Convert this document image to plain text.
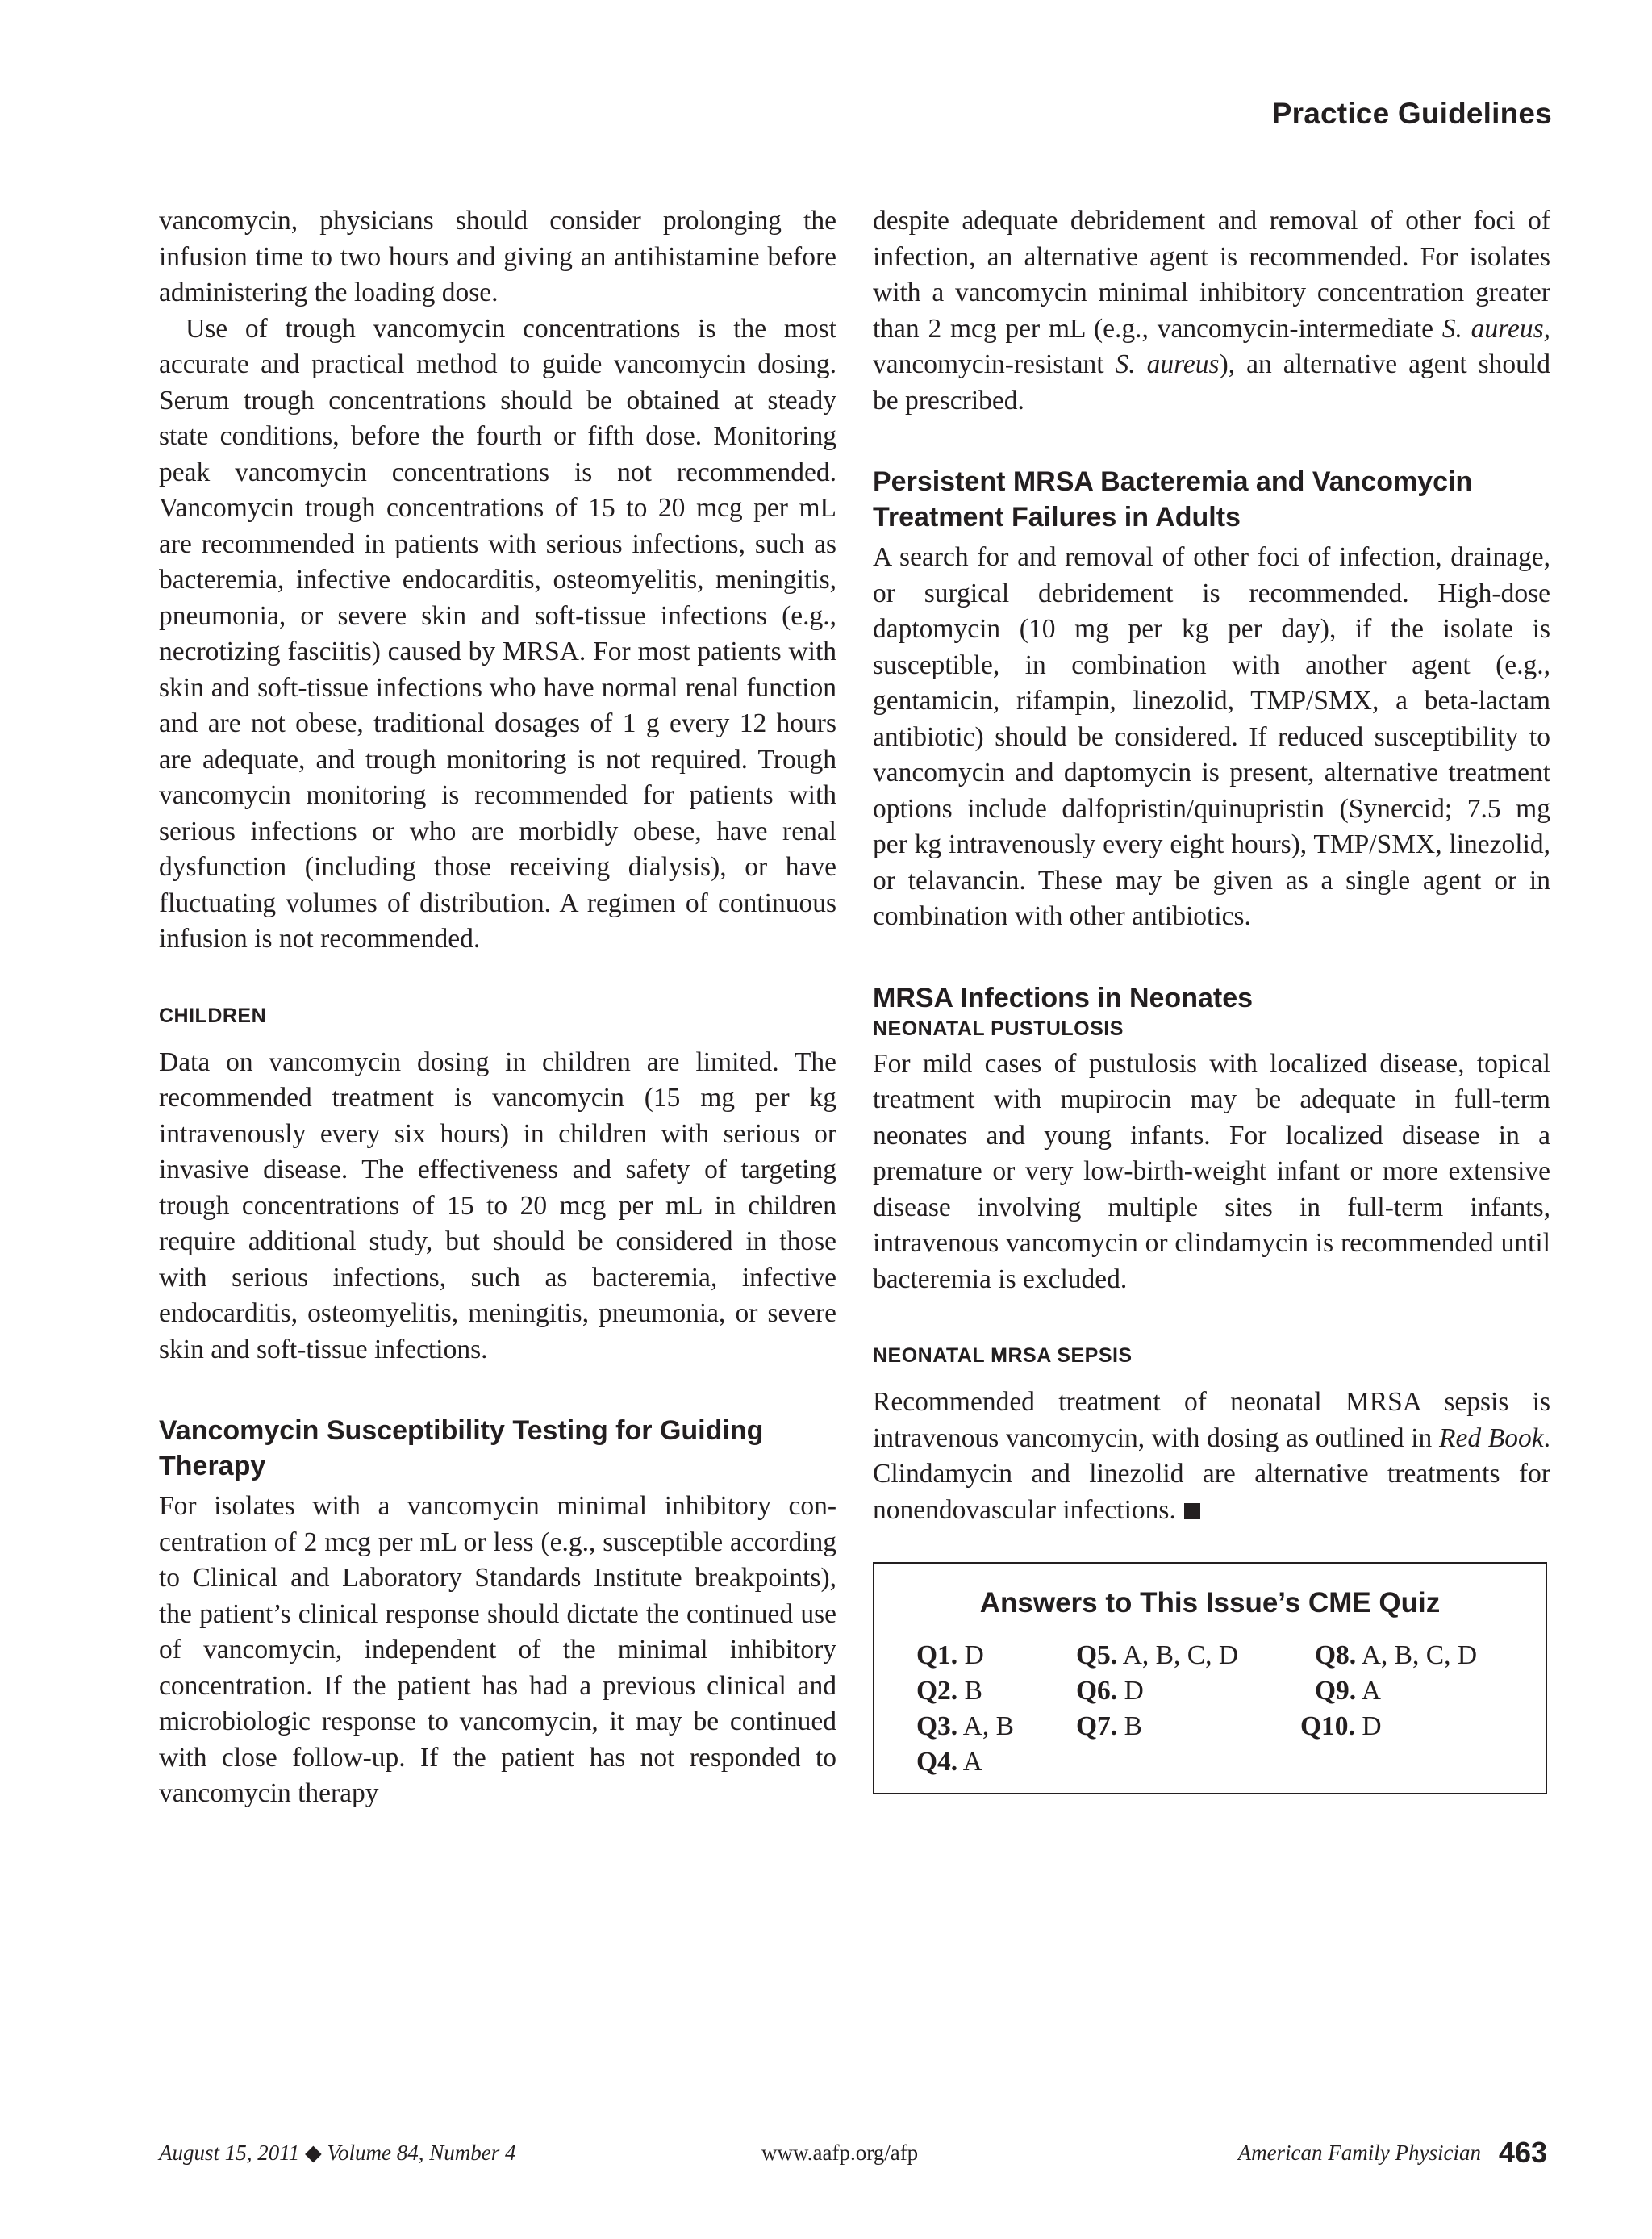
Practice Guidelines

vancomycin, physicians should consider prolonging the infusion time to two hours and giving an antihistamine before administering the loading dose.

Use of trough vancomycin concentrations is the most accurate and practical method to guide vancomycin dosing. Serum trough concentrations should be obtained at steady state conditions, before the fourth or fifth dose. Monitoring peak vancomycin concentrations is not recommended. Vancomycin trough concentrations of 15 to 20 mcg per mL are recommended in patients with serious infections, such as bacteremia, infective endocarditis, osteomyelitis, meningitis, pneumonia, or severe skin and soft-tissue infections (e.g., necrotizing fasciitis) caused by MRSA. For most patients with skin and soft-tissue infections who have normal renal function and are not obese, traditional dosages of 1 g every 12 hours are adequate, and trough monitoring is not required. Trough vancomycin monitoring is recommended for patients with serious infections or who are morbidly obese, have renal dysfunction (including those receiving dialysis), or have fluctuating volumes of distribution. A regimen of continuous infusion is not recommended.

CHILDREN

Data on vancomycin dosing in children are limited. The recommended treatment is vancomycin (15 mg per kg intravenously every six hours) in children with serious or invasive disease. The effectiveness and safety of targeting trough concentrations of 15 to 20 mcg per mL in children require additional study, but should be considered in those with serious infections, such as bacteremia, infective endocarditis, osteomyelitis, meningitis, pneumonia, or severe skin and soft-tissue infections.

Vancomycin Susceptibility Testing for Guiding Therapy

For isolates with a vancomycin minimal inhibitory concentration of 2 mcg per mL or less (e.g., susceptible according to Clinical and Laboratory Standards Institute breakpoints), the patient’s clinical response should dictate the continued use of vancomycin, independent of the minimal inhibitory concentration. If the patient has had a previous clinical and microbiologic response to vancomycin, it may be continued with close follow-up. If the patient has not responded to vancomycin therapy

despite adequate debridement and removal of other foci of infection, an alternative agent is recommended. For isolates with a vancomycin minimal inhibitory concentration greater than 2 mcg per mL (e.g., vancomycin-intermediate S. aureus, vancomycin-resistant S. aureus), an alternative agent should be prescribed.

Persistent MRSA Bacteremia and Vancomycin Treatment Failures in Adults

A search for and removal of other foci of infection, drainage, or surgical debridement is recommended. High-dose daptomycin (10 mg per kg per day), if the isolate is susceptible, in combination with another agent (e.g., gentamicin, rifampin, linezolid, TMP/SMX, a beta-lactam antibiotic) should be considered. If reduced susceptibility to vancomycin and daptomycin is present, alternative treatment options include dalfopristin/quinupristin (Synercid; 7.5 mg per kg intravenously every eight hours), TMP/SMX, linezolid, or telavancin. These may be given as a single agent or in combination with other antibiotics.

MRSA Infections in Neonates
NEONATAL PUSTULOSIS

For mild cases of pustulosis with localized disease, topical treatment with mupirocin may be adequate in full-term neonates and young infants. For localized disease in a premature or very low-birth-weight infant or more extensive disease involving multiple sites in full-term infants, intravenous vancomycin or clindamycin is recommended until bacteremia is excluded.

NEONATAL MRSA SEPSIS

Recommended treatment of neonatal MRSA sepsis is intravenous vancomycin, with dosing as outlined in Red Book. Clindamycin and linezolid are alternative treatments for nonendovascular infections.

Answers to This Issue’s CME Quiz
Q1. D
Q2. B
Q3. A, B
Q4. A
Q5. A, B, C, D
Q6. D
Q7. B
Q8. A, B, C, D
Q9. A
Q10. D
August 15, 2011 ◆ Volume 84, Number 4	www.aafp.org/afp	American Family Physician 463
